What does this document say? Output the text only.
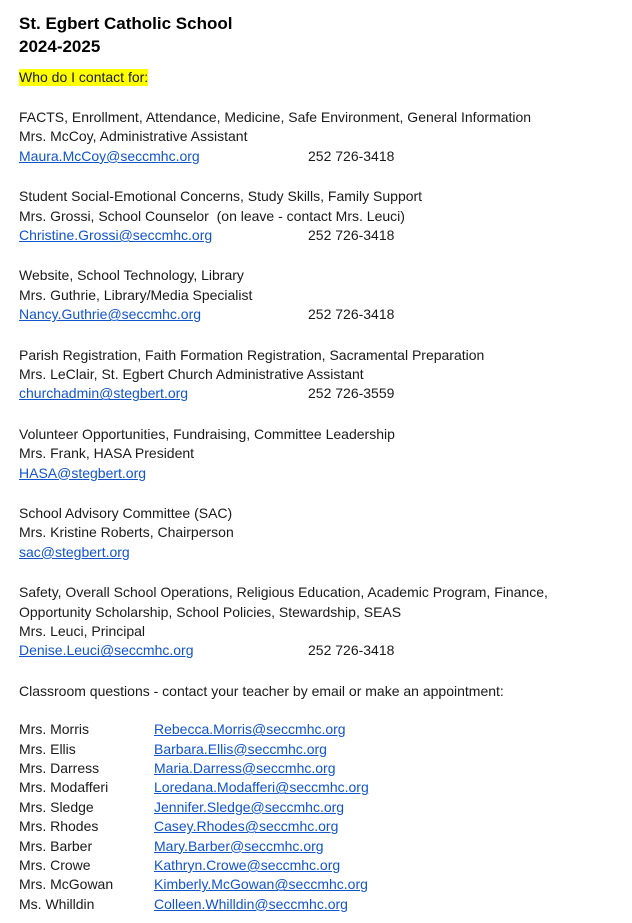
St. Egbert Catholic School
2024-2025
Who do I contact for:
FACTS, Enrollment, Attendance, Medicine, Safe Environment, General Information
Mrs. McCoy, Administrative Assistant
Maura.McCoy@seccmhc.org	252 726-3418
Student Social-Emotional Concerns, Study Skills, Family Support
Mrs. Grossi, School Counselor  (on leave - contact Mrs. Leuci)
Christine.Grossi@seccmhc.org	252 726-3418
Website, School Technology, Library
Mrs. Guthrie, Library/Media Specialist
Nancy.Guthrie@seccmhc.org	252 726-3418
Parish Registration, Faith Formation Registration, Sacramental Preparation
Mrs. LeClair, St. Egbert Church Administrative Assistant
churchadmin@stegbert.org	252 726-3559
Volunteer Opportunities, Fundraising, Committee Leadership
Mrs. Frank, HASA President
HASA@stegbert.org
School Advisory Committee (SAC)
Mrs. Kristine Roberts, Chairperson
sac@stegbert.org
Safety, Overall School Operations, Religious Education, Academic Program, Finance, Opportunity Scholarship, School Policies, Stewardship, SEAS
Mrs. Leuci, Principal
Denise.Leuci@seccmhc.org	252 726-3418
Classroom questions - contact your teacher by email or make an appointment:
Mrs. Morris	Rebecca.Morris@seccmhc.org
Mrs. Ellis	Barbara.Ellis@seccmhc.org
Mrs. Darress	Maria.Darress@seccmhc.org
Mrs. Modafferi	Loredana.Modafferi@seccmhc.org
Mrs. Sledge	Jennifer.Sledge@seccmhc.org
Mrs. Rhodes	Casey.Rhodes@seccmhc.org
Mrs. Barber	Mary.Barber@seccmhc.org
Mrs. Crowe	Kathryn.Crowe@seccmhc.org
Mrs. McGowan	Kimberly.McGowan@seccmhc.org
Ms. Whilldin	Colleen.Whilldin@seccmhc.org
